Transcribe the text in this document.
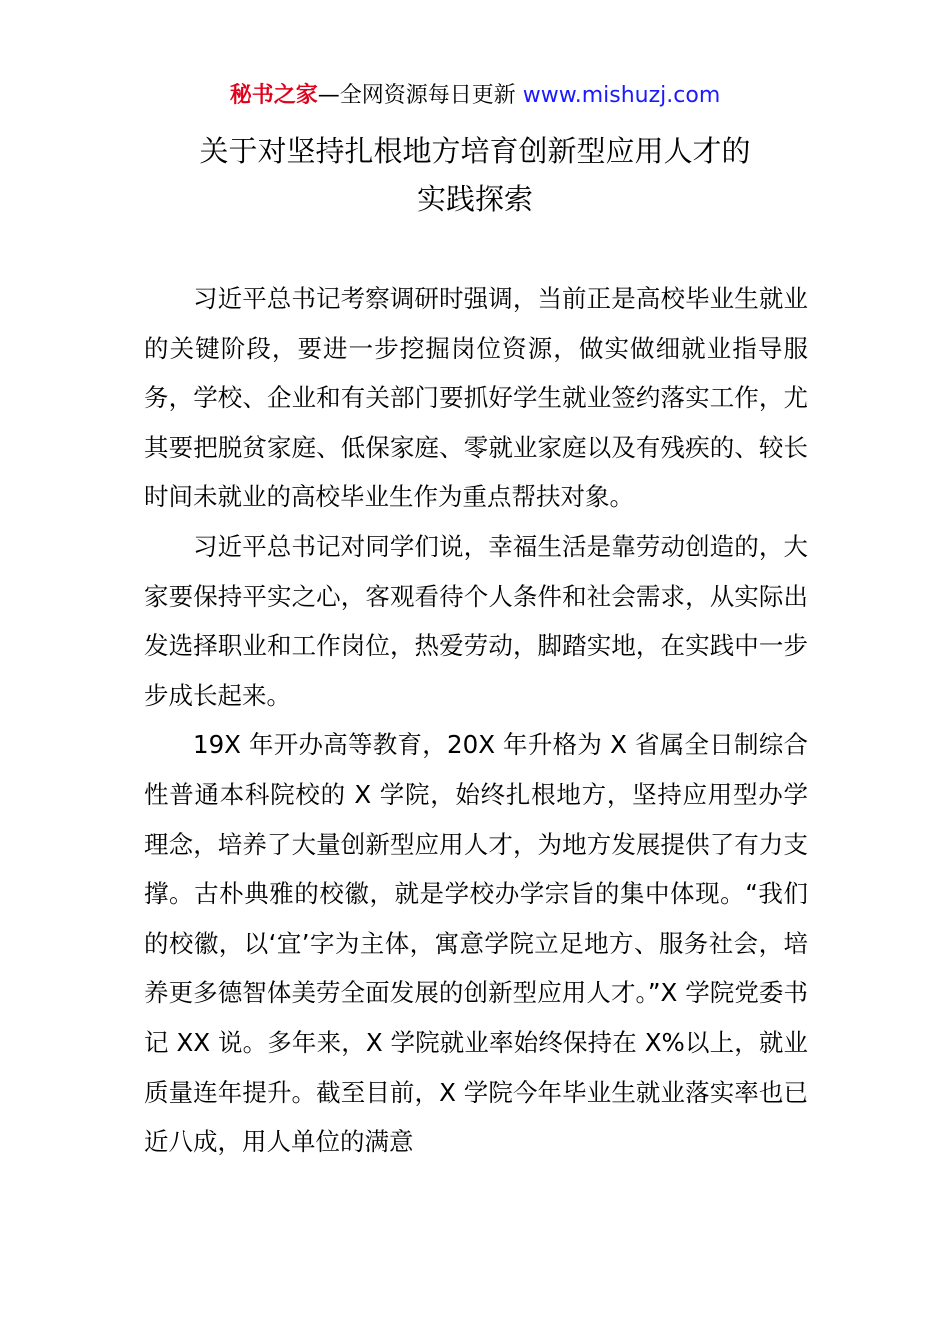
秘书之家—全网资源每日更新 www.mishuzj.com
关于对坚持扎根地方培育创新型应用人才的
实践探索

习近平总书记考察调研时强调，当前正是高校毕业生就业的关键阶段，要进一步挖掘岗位资源，做实做细就业指导服务，学校、企业和有关部门要抓好学生就业签约落实工作，尤其要把脱贫家庭、低保家庭、零就业家庭以及有残疾的、较长时间未就业的高校毕业生作为重点帮扶对象。

习近平总书记对同学们说，幸福生活是靠劳动创造的，大家要保持平实之心，客观看待个人条件和社会需求，从实际出发选择职业和工作岗位，热爱劳动，脚踏实地，在实践中一步步成长起来。

19X 年开办高等教育，20X 年升格为 X 省属全日制综合性普通本科院校的 X 学院，始终扎根地方，坚持应用型办学理念，培养了大量创新型应用人才，为地方发展提供了有力支撑。古朴典雅的校徽，就是学校办学宗旨的集中体现。“我们的校徽，以‘宜’字为主体，寓意学院立足地方、服务社会，培养更多德智体美劳全面发展的创新型应用人才。”X 学院党委书记 XX 说。多年来，X 学院就业率始终保持在 X%以上，就业质量连年提升。截至目前，X 学院今年毕业生就业落实率也已近八成，用人单位的满意
